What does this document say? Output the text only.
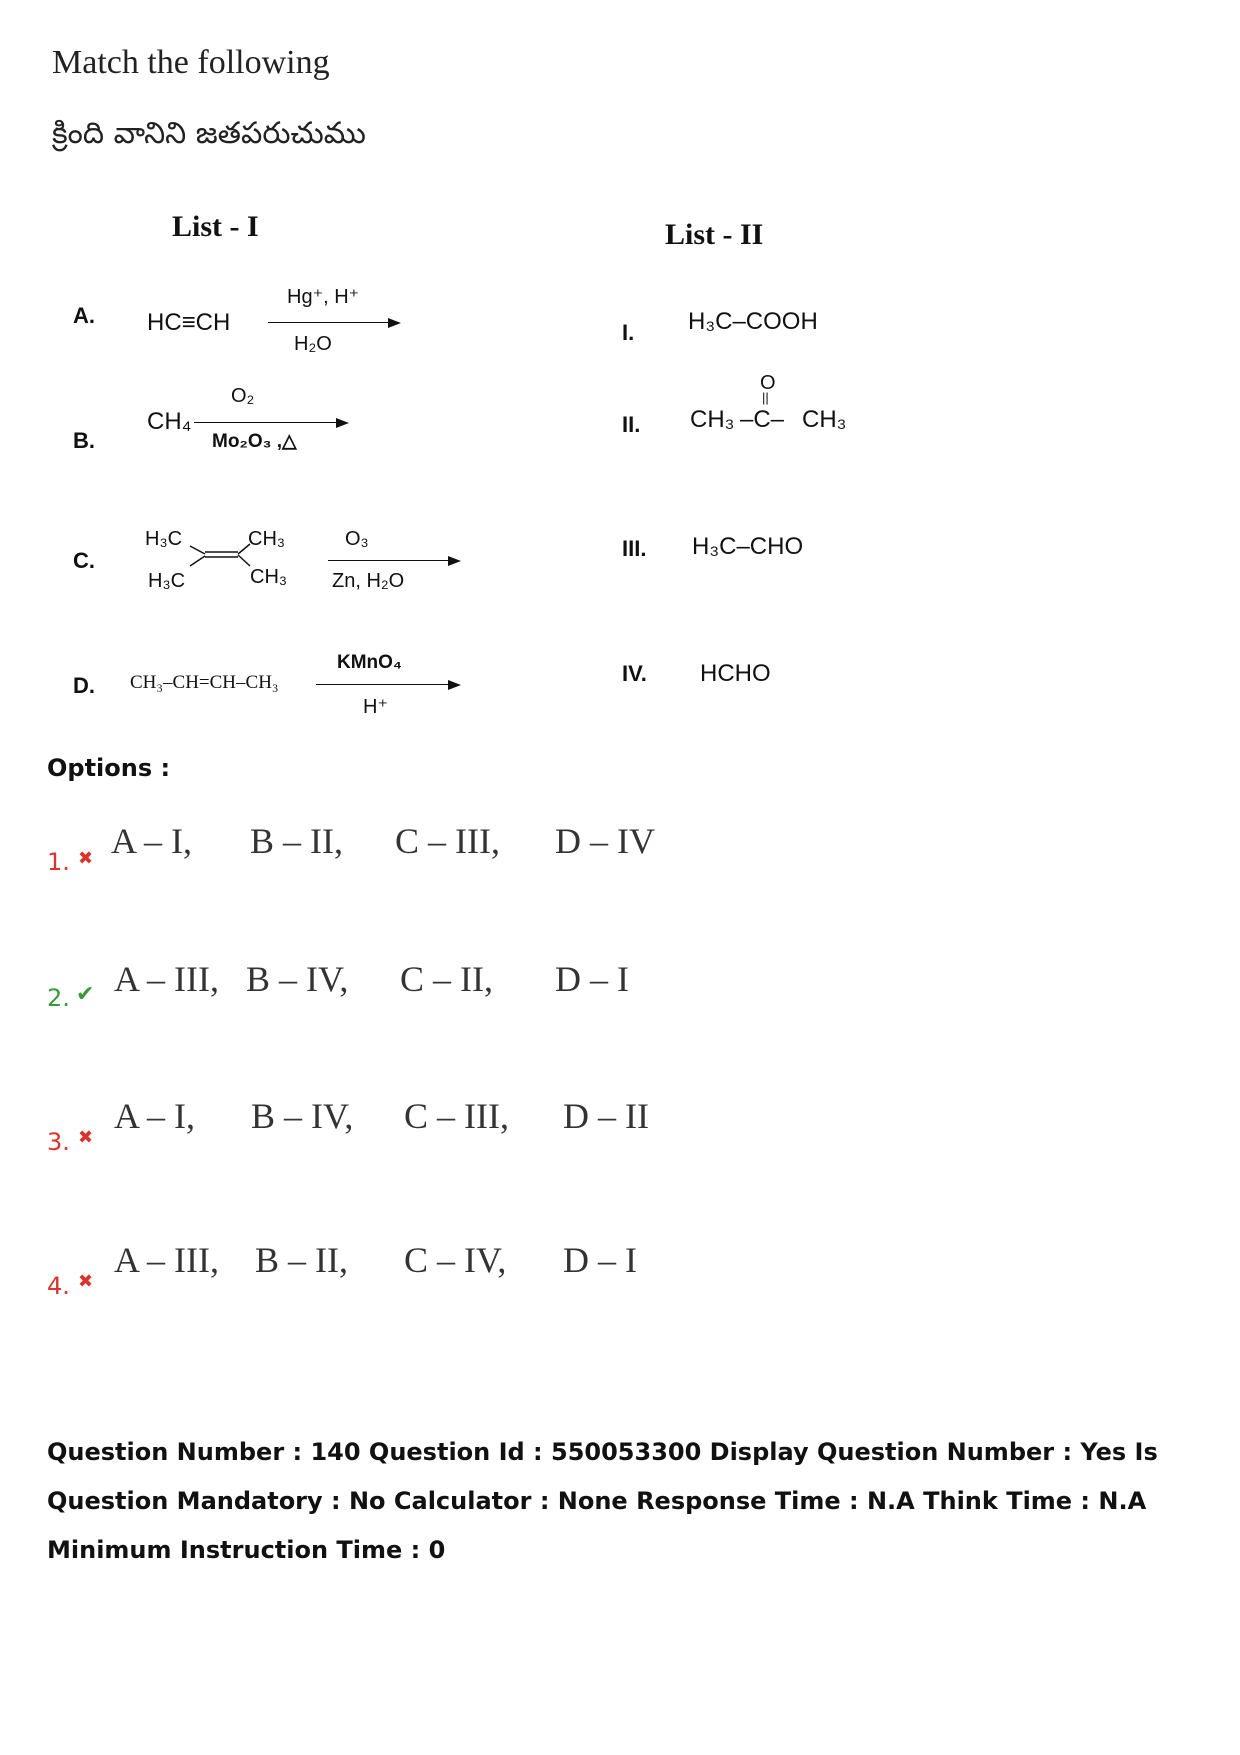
Match the following
క్రింది వానిని జతపరుచుము
List - I	List - II
A. HC≡CH
Hg⁺, H⁺
H₂O
B.
CH₄
O₂
Mo₂O₃ ,△
C.
H₃C
H₃C
CH₃
CH₃
O₃
Zn, H₂O
D. CH₃–CH=CH–CH₃
KMnO₄
H⁺
I. H₃C–COOH
II. CH₃ –C– CH₃
O
||
III. H₃C–CHO
IV. HCHO
Options :
1. ✖ A – I, B – II, C – III, D – IV
2. ✔ A – III, B – IV, C – II, D – I
3. ✖
A – I, B – IV, C – III, D – II
4. ✖
A – III, B – II, C – IV, D – I
Question Number : 140 Question Id : 550053300 Display Question Number : Yes Is Question Mandatory : No Calculator : None Response Time : N.A Think Time : N.A Minimum Instruction Time : 0
